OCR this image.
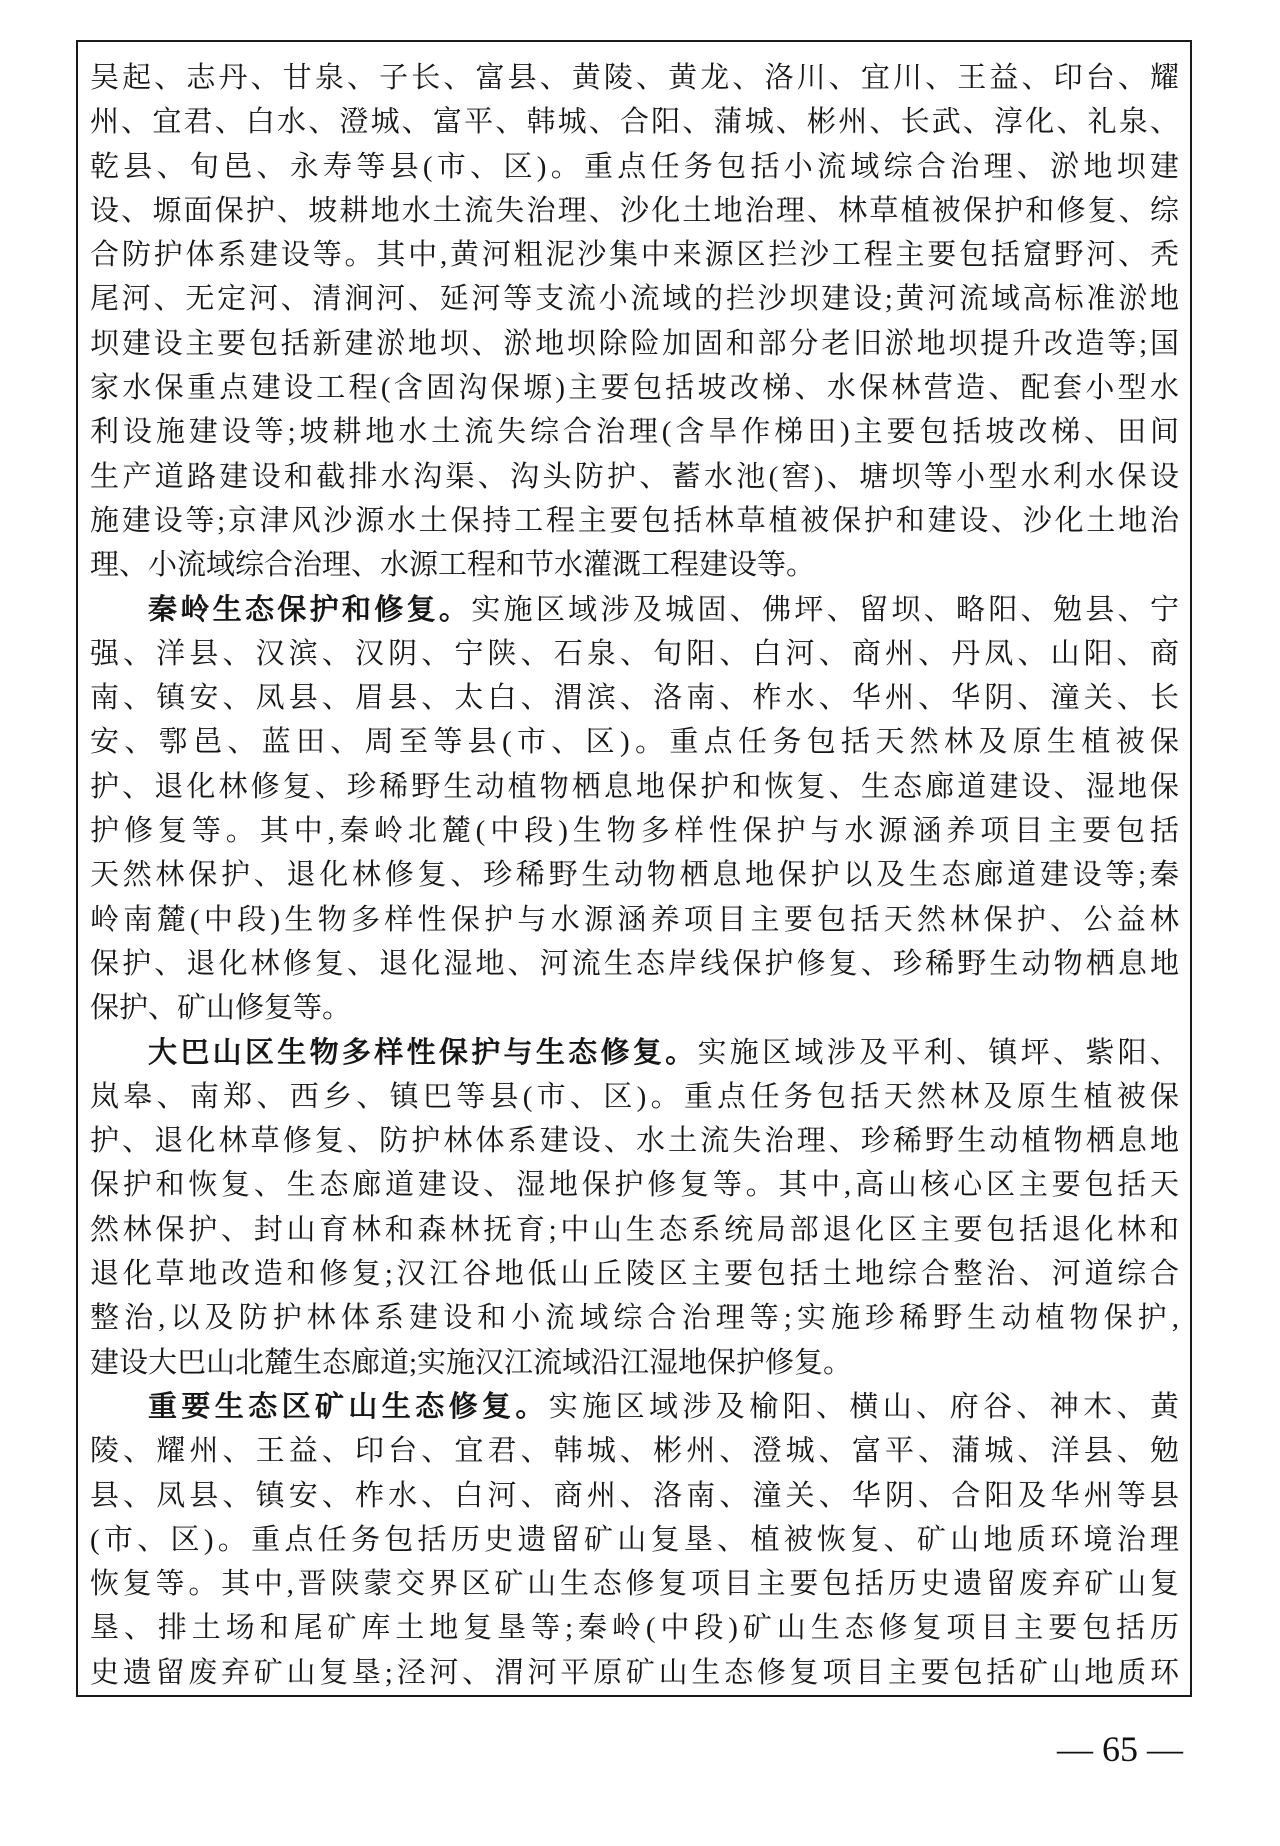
吴起、志丹、甘泉、子长、富县、黄陵、黄龙、洛川、宜川、王益、印台、耀
州、宜君、白水、澄城、富平、韩城、合阳、蒲城、彬州、长武、淳化、礼泉、
乾县、旬邑、永寿等县(市、区)。重点任务包括小流域综合治理、淤地坝建
设、塬面保护、坡耕地水土流失治理、沙化土地治理、林草植被保护和修复、综
合防护体系建设等。其中,黄河粗泥沙集中来源区拦沙工程主要包括窟野河、秃
尾河、无定河、清涧河、延河等支流小流域的拦沙坝建设;黄河流域高标准淤地
坝建设主要包括新建淤地坝、淤地坝除险加固和部分老旧淤地坝提升改造等;国
家水保重点建设工程(含固沟保塬)主要包括坡改梯、水保林营造、配套小型水
利设施建设等;坡耕地水土流失综合治理(含旱作梯田)主要包括坡改梯、田间
生产道路建设和截排水沟渠、沟头防护、蓄水池(窖)、塘坝等小型水利水保设
施建设等;京津风沙源水土保持工程主要包括林草植被保护和建设、沙化土地治
理、小流域综合治理、水源工程和节水灌溉工程建设等。
秦岭生态保护和修复。实施区域涉及城固、佛坪、留坝、略阳、勉县、宁
强、洋县、汉滨、汉阴、宁陕、石泉、旬阳、白河、商州、丹凤、山阳、商
南、镇安、凤县、眉县、太白、渭滨、洛南、柞水、华州、华阴、潼关、长
安、鄠邑、蓝田、周至等县(市、区)。重点任务包括天然林及原生植被保
护、退化林修复、珍稀野生动植物栖息地保护和恢复、生态廊道建设、湿地保
护修复等。其中,秦岭北麓(中段)生物多样性保护与水源涵养项目主要包括
天然林保护、退化林修复、珍稀野生动物栖息地保护以及生态廊道建设等;秦
岭南麓(中段)生物多样性保护与水源涵养项目主要包括天然林保护、公益林
保护、退化林修复、退化湿地、河流生态岸线保护修复、珍稀野生动物栖息地
保护、矿山修复等。
大巴山区生物多样性保护与生态修复。实施区域涉及平利、镇坪、紫阳、
岚皋、南郑、西乡、镇巴等县(市、区)。重点任务包括天然林及原生植被保
护、退化林草修复、防护林体系建设、水土流失治理、珍稀野生动植物栖息地
保护和恢复、生态廊道建设、湿地保护修复等。其中,高山核心区主要包括天
然林保护、封山育林和森林抚育;中山生态系统局部退化区主要包括退化林和
退化草地改造和修复;汉江谷地低山丘陵区主要包括土地综合整治、河道综合
整治,以及防护林体系建设和小流域综合治理等;实施珍稀野生动植物保护,
建设大巴山北麓生态廊道;实施汉江流域沿江湿地保护修复。
重要生态区矿山生态修复。实施区域涉及榆阳、横山、府谷、神木、黄
陵、耀州、王益、印台、宜君、韩城、彬州、澄城、富平、蒲城、洋县、勉
县、凤县、镇安、柞水、白河、商州、洛南、潼关、华阴、合阳及华州等县
(市、区)。重点任务包括历史遗留矿山复垦、植被恢复、矿山地质环境治理
恢复等。其中,晋陕蒙交界区矿山生态修复项目主要包括历史遗留废弃矿山复
垦、排土场和尾矿库土地复垦等;秦岭(中段)矿山生态修复项目主要包括历
史遗留废弃矿山复垦;泾河、渭河平原矿山生态修复项目主要包括矿山地质环
— 65 —
